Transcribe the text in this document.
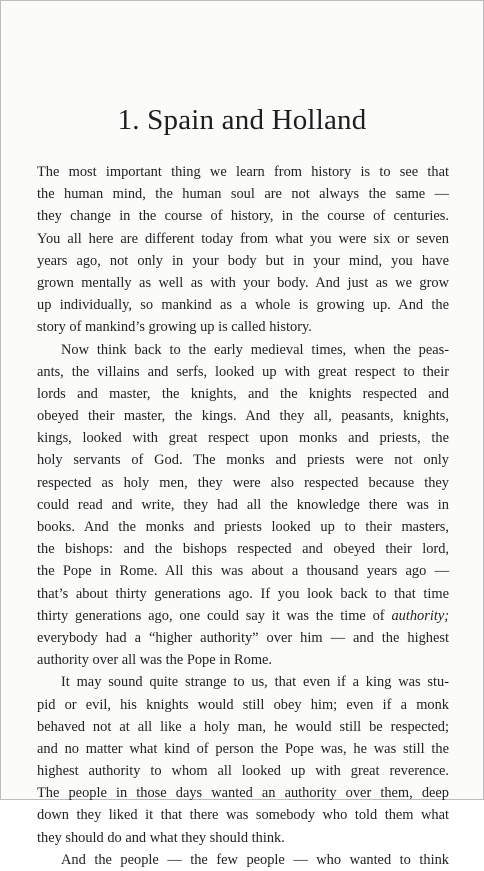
1. Spain and Holland
The most important thing we learn from history is to see that
the human mind, the human soul are not always the same —
they change in the course of history, in the course of centuries.
You all here are different today from what you were six or seven
years ago, not only in your body but in your mind, you have
grown mentally as well as with your body. And just as we grow
up individually, so mankind as a whole is growing up. And the
story of mankind’s growing up is called history.
Now think back to the early medieval times, when the peas-
ants, the villains and serfs, looked up with great respect to their
lords and master, the knights, and the knights respected and
obeyed their master, the kings. And they all, peasants, knights,
kings, looked with great respect upon monks and priests, the
holy servants of God. The monks and priests were not only
respected as holy men, they were also respected because they
could read and write, they had all the knowledge there was in
books. And the monks and priests looked up to their masters,
the bishops: and the bishops respected and obeyed their lord,
the Pope in Rome. All this was about a thousand years ago —
that’s about thirty generations ago. If you look back to that time
thirty generations ago, one could say it was the time of authority;
everybody had a “higher authority” over him — and the highest
authority over all was the Pope in Rome.
It may sound quite strange to us, that even if a king was stu-
pid or evil, his knights would still obey him; even if a monk
behaved not at all like a holy man, he would still be respected;
and no matter what kind of person the Pope was, he was still the
highest authority to whom all looked up with great reverence.
The people in those days wanted an authority over them, deep
down they liked it that there was somebody who told them what
they should do and what they should think.
And the people — the few people — who wanted to think
